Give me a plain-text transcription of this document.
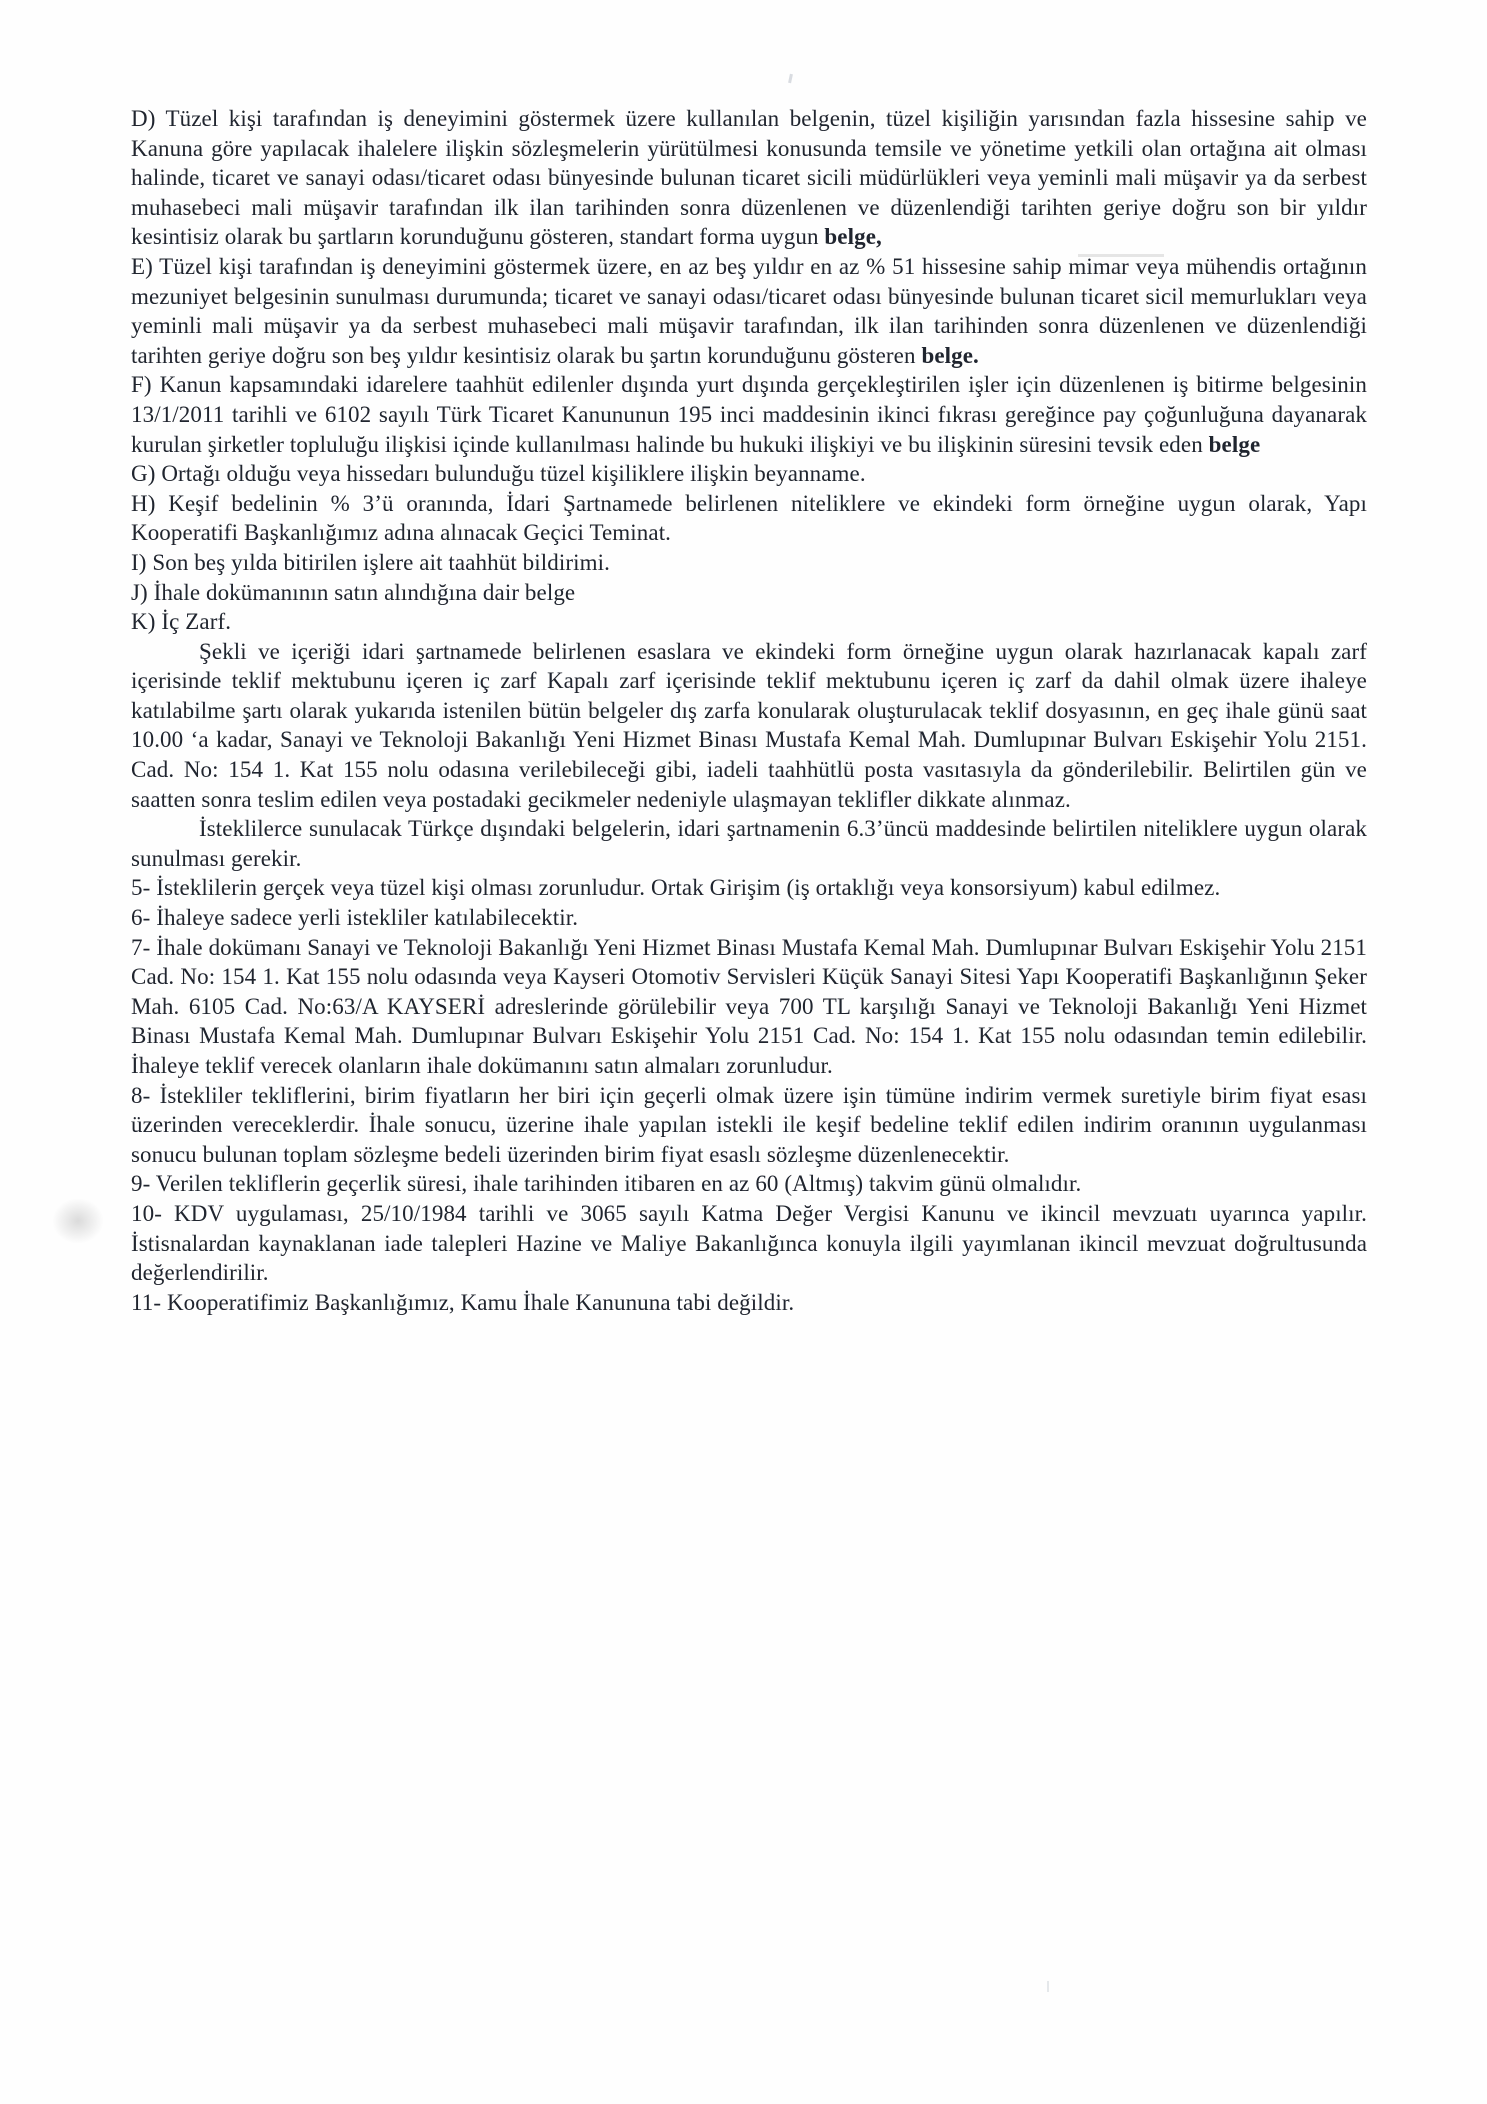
D) Tüzel kişi tarafından iş deneyimini göstermek üzere kullanılan belgenin, tüzel kişiliğin yarısından fazla hissesine sahip ve Kanuna göre yapılacak ihalelere ilişkin sözleşmelerin yürütülmesi konusunda temsile ve yönetime yetkili olan ortağına ait olması halinde, ticaret ve sanayi odası/ticaret odası bünyesinde bulunan ticaret sicili müdürlükleri veya yeminli mali müşavir ya da serbest muhasebeci mali müşavir tarafından ilk ilan tarihinden sonra düzenlenen ve düzenlendiği tarihten geriye doğru son bir yıldır kesintisiz olarak bu şartların korunduğunu gösteren, standart forma uygun belge,

E) Tüzel kişi tarafından iş deneyimini göstermek üzere, en az beş yıldır en az % 51 hissesine sahip mimar veya mühendis ortağının mezuniyet belgesinin sunulması durumunda; ticaret ve sanayi odası/ticaret odası bünyesinde bulunan ticaret sicil memurlukları veya yeminli mali müşavir ya da serbest muhasebeci mali müşavir tarafından, ilk ilan tarihinden sonra düzenlenen ve düzenlendiği tarihten geriye doğru son beş yıldır kesintisiz olarak bu şartın korunduğunu gösteren belge.

F) Kanun kapsamındaki idarelere taahhüt edilenler dışında yurt dışında gerçekleştirilen işler için düzenlenen iş bitirme belgesinin 13/1/2011 tarihli ve 6102 sayılı Türk Ticaret Kanununun 195 inci maddesinin ikinci fıkrası gereğince pay çoğunluğuna dayanarak kurulan şirketler topluluğu ilişkisi içinde kullanılması halinde bu hukuki ilişkiyi ve bu ilişkinin süresini tevsik eden belge

G) Ortağı olduğu veya hissedarı bulunduğu tüzel kişiliklere ilişkin beyanname.

H) Keşif bedelinin % 3’ü oranında, İdari Şartnamede belirlenen niteliklere ve ekindeki form örneğine uygun olarak, Yapı Kooperatifi Başkanlığımız adına alınacak Geçici Teminat.

I) Son beş yılda bitirilen işlere ait taahhüt bildirimi.

J) İhale dokümanının satın alındığına dair belge

K) İç Zarf.

Şekli ve içeriği idari şartnamede belirlenen esaslara ve ekindeki form örneğine uygun olarak hazırlanacak kapalı zarf içerisinde teklif mektubunu içeren iç zarf Kapalı zarf içerisinde teklif mektubunu içeren iç zarf da dahil olmak üzere ihaleye katılabilme şartı olarak yukarıda istenilen bütün belgeler dış zarfa konularak oluşturulacak teklif dosyasının, en geç ihale günü saat 10.00 ‘a kadar, Sanayi ve Teknoloji Bakanlığı Yeni Hizmet Binası Mustafa Kemal Mah. Dumlupınar Bulvarı Eskişehir Yolu 2151. Cad. No: 154 1. Kat 155 nolu odasına verilebileceği gibi, iadeli taahhütlü posta vasıtasıyla da gönderilebilir. Belirtilen gün ve saatten sonra teslim edilen veya postadaki gecikmeler nedeniyle ulaşmayan teklifler dikkate alınmaz.

İsteklilerce sunulacak Türkçe dışındaki belgelerin, idari şartnamenin 6.3’üncü maddesinde belirtilen niteliklere uygun olarak sunulması gerekir.

5- İsteklilerin gerçek veya tüzel kişi olması zorunludur. Ortak Girişim (iş ortaklığı veya konsorsiyum) kabul edilmez.

6- İhaleye sadece yerli istekliler katılabilecektir.

7- İhale dokümanı Sanayi ve Teknoloji Bakanlığı Yeni Hizmet Binası Mustafa Kemal Mah. Dumlupınar Bulvarı Eskişehir Yolu 2151 Cad. No: 154 1. Kat 155 nolu odasında veya Kayseri Otomotiv Servisleri Küçük Sanayi Sitesi Yapı Kooperatifi Başkanlığının Şeker Mah. 6105 Cad. No:63/A KAYSERİ adreslerinde görülebilir veya 700 TL karşılığı Sanayi ve Teknoloji Bakanlığı Yeni Hizmet Binası Mustafa Kemal Mah. Dumlupınar Bulvarı Eskişehir Yolu 2151 Cad. No: 154 1. Kat 155 nolu odasından temin edilebilir. İhaleye teklif verecek olanların ihale dokümanını satın almaları zorunludur.

8- İstekliler tekliflerini, birim fiyatların her biri için geçerli olmak üzere işin tümüne indirim vermek suretiyle birim fiyat esası üzerinden vereceklerdir. İhale sonucu, üzerine ihale yapılan istekli ile keşif bedeline teklif edilen indirim oranının uygulanması sonucu bulunan toplam sözleşme bedeli üzerinden birim fiyat esaslı sözleşme düzenlenecektir.

9- Verilen tekliflerin geçerlik süresi, ihale tarihinden itibaren en az 60 (Altmış) takvim günü olmalıdır.

10- KDV uygulaması, 25/10/1984 tarihli ve 3065 sayılı Katma Değer Vergisi Kanunu ve ikincil mevzuatı uyarınca yapılır. İstisnalardan kaynaklanan iade talepleri Hazine ve Maliye Bakanlığınca konuyla ilgili yayımlanan ikincil mevzuat doğrultusunda değerlendirilir.

11- Kooperatifimiz Başkanlığımız, Kamu İhale Kanununa tabi değildir.
